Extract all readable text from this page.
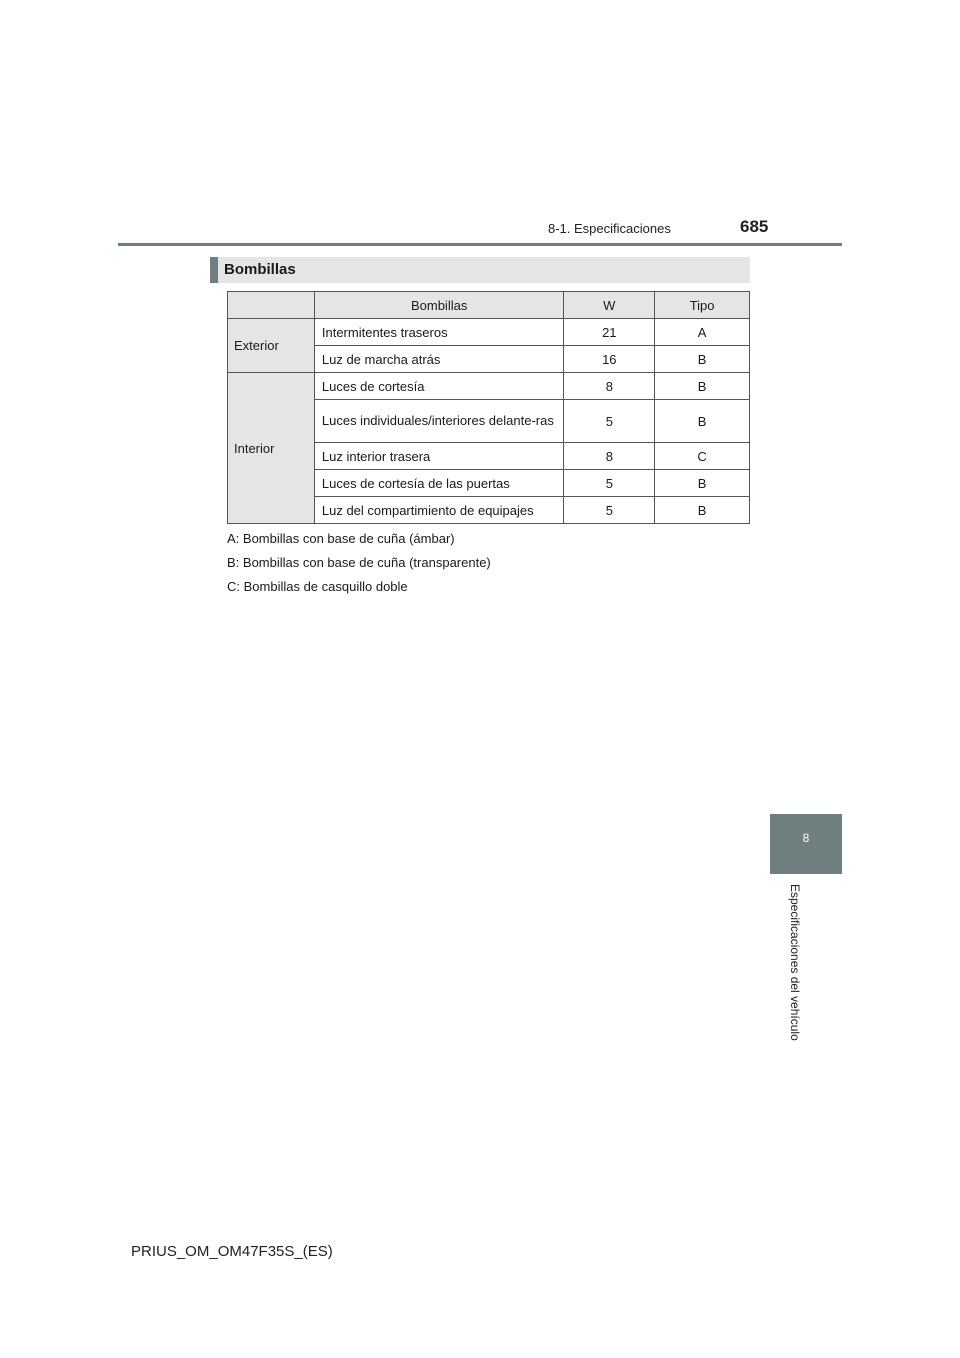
8-1. Especificaciones	685
Bombillas
	Bombillas	W	Tipo
Exterior	Intermitentes traseros	21	A
	Luz de marcha atrás	16	B
Interior	Luces de cortesía	8	B
	Luces individuales/interiores delante-ras	5	B
	Luz interior trasera	8	C
	Luces de cortesía de las puertas	5	B
	Luz del compartimiento de equipajes	5	B
A: Bombillas con base de cuña (ámbar)
B: Bombillas con base de cuña (transparente)
C: Bombillas de casquillo doble
8
Especificaciones del vehículo
PRIUS_OM_OM47F35S_(ES)
